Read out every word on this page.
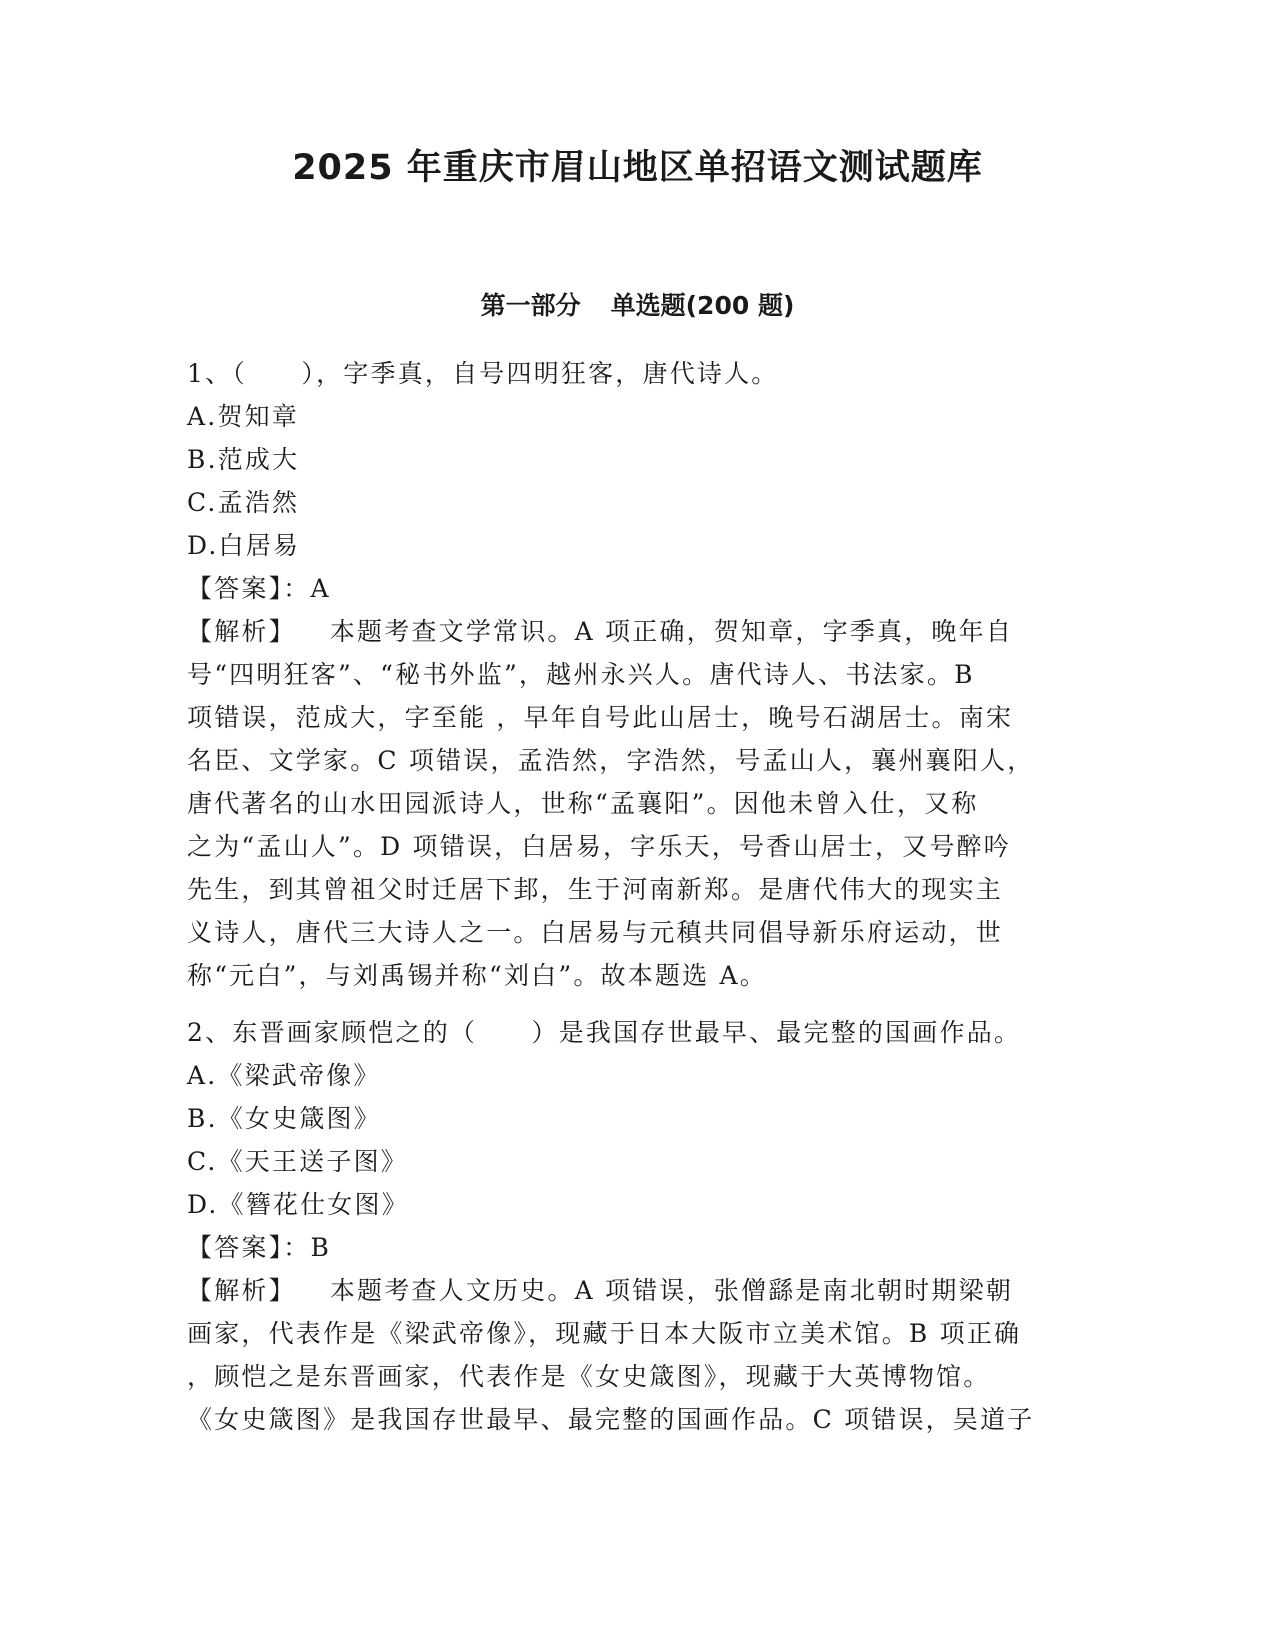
2025 年重庆市眉山地区单招语文测试题库
第一部分 单选题(200 题)
1、（　　），字季真，自号四明狂客，唐代诗人。
A.贺知章
B.范成大
C.孟浩然
D.白居易
【答案】：A
【解析】 本题考查文学常识。A 项正确，贺知章，字季真，晚年自
号“四明狂客”、“秘书外监”，越州永兴人。唐代诗人、书法家。B
项错误，范成大，字至能 ，早年自号此山居士，晚号石湖居士。南宋
名臣、文学家。C 项错误，孟浩然，字浩然，号孟山人，襄州襄阳人，
唐代著名的山水田园派诗人，世称“孟襄阳”。因他未曾入仕，又称
之为“孟山人”。D 项错误，白居易，字乐天，号香山居士，又号醉吟
先生，到其曾祖父时迁居下邽，生于河南新郑。是唐代伟大的现实主
义诗人，唐代三大诗人之一。白居易与元稹共同倡导新乐府运动，世
称“元白”，与刘禹锡并称“刘白”。故本题选 A。
2、东晋画家顾恺之的（　　）是我国存世最早、最完整的国画作品。
A.《梁武帝像》
B.《女史箴图》
C.《天王送子图》
D.《簪花仕女图》
【答案】：B
【解析】 本题考查人文历史。A 项错误，张僧繇是南北朝时期梁朝
画家，代表作是《梁武帝像》，现藏于日本大阪市立美术馆。B 项正确
，顾恺之是东晋画家，代表作是《女史箴图》，现藏于大英博物馆。
《女史箴图》是我国存世最早、最完整的国画作品。C 项错误，吴道子
